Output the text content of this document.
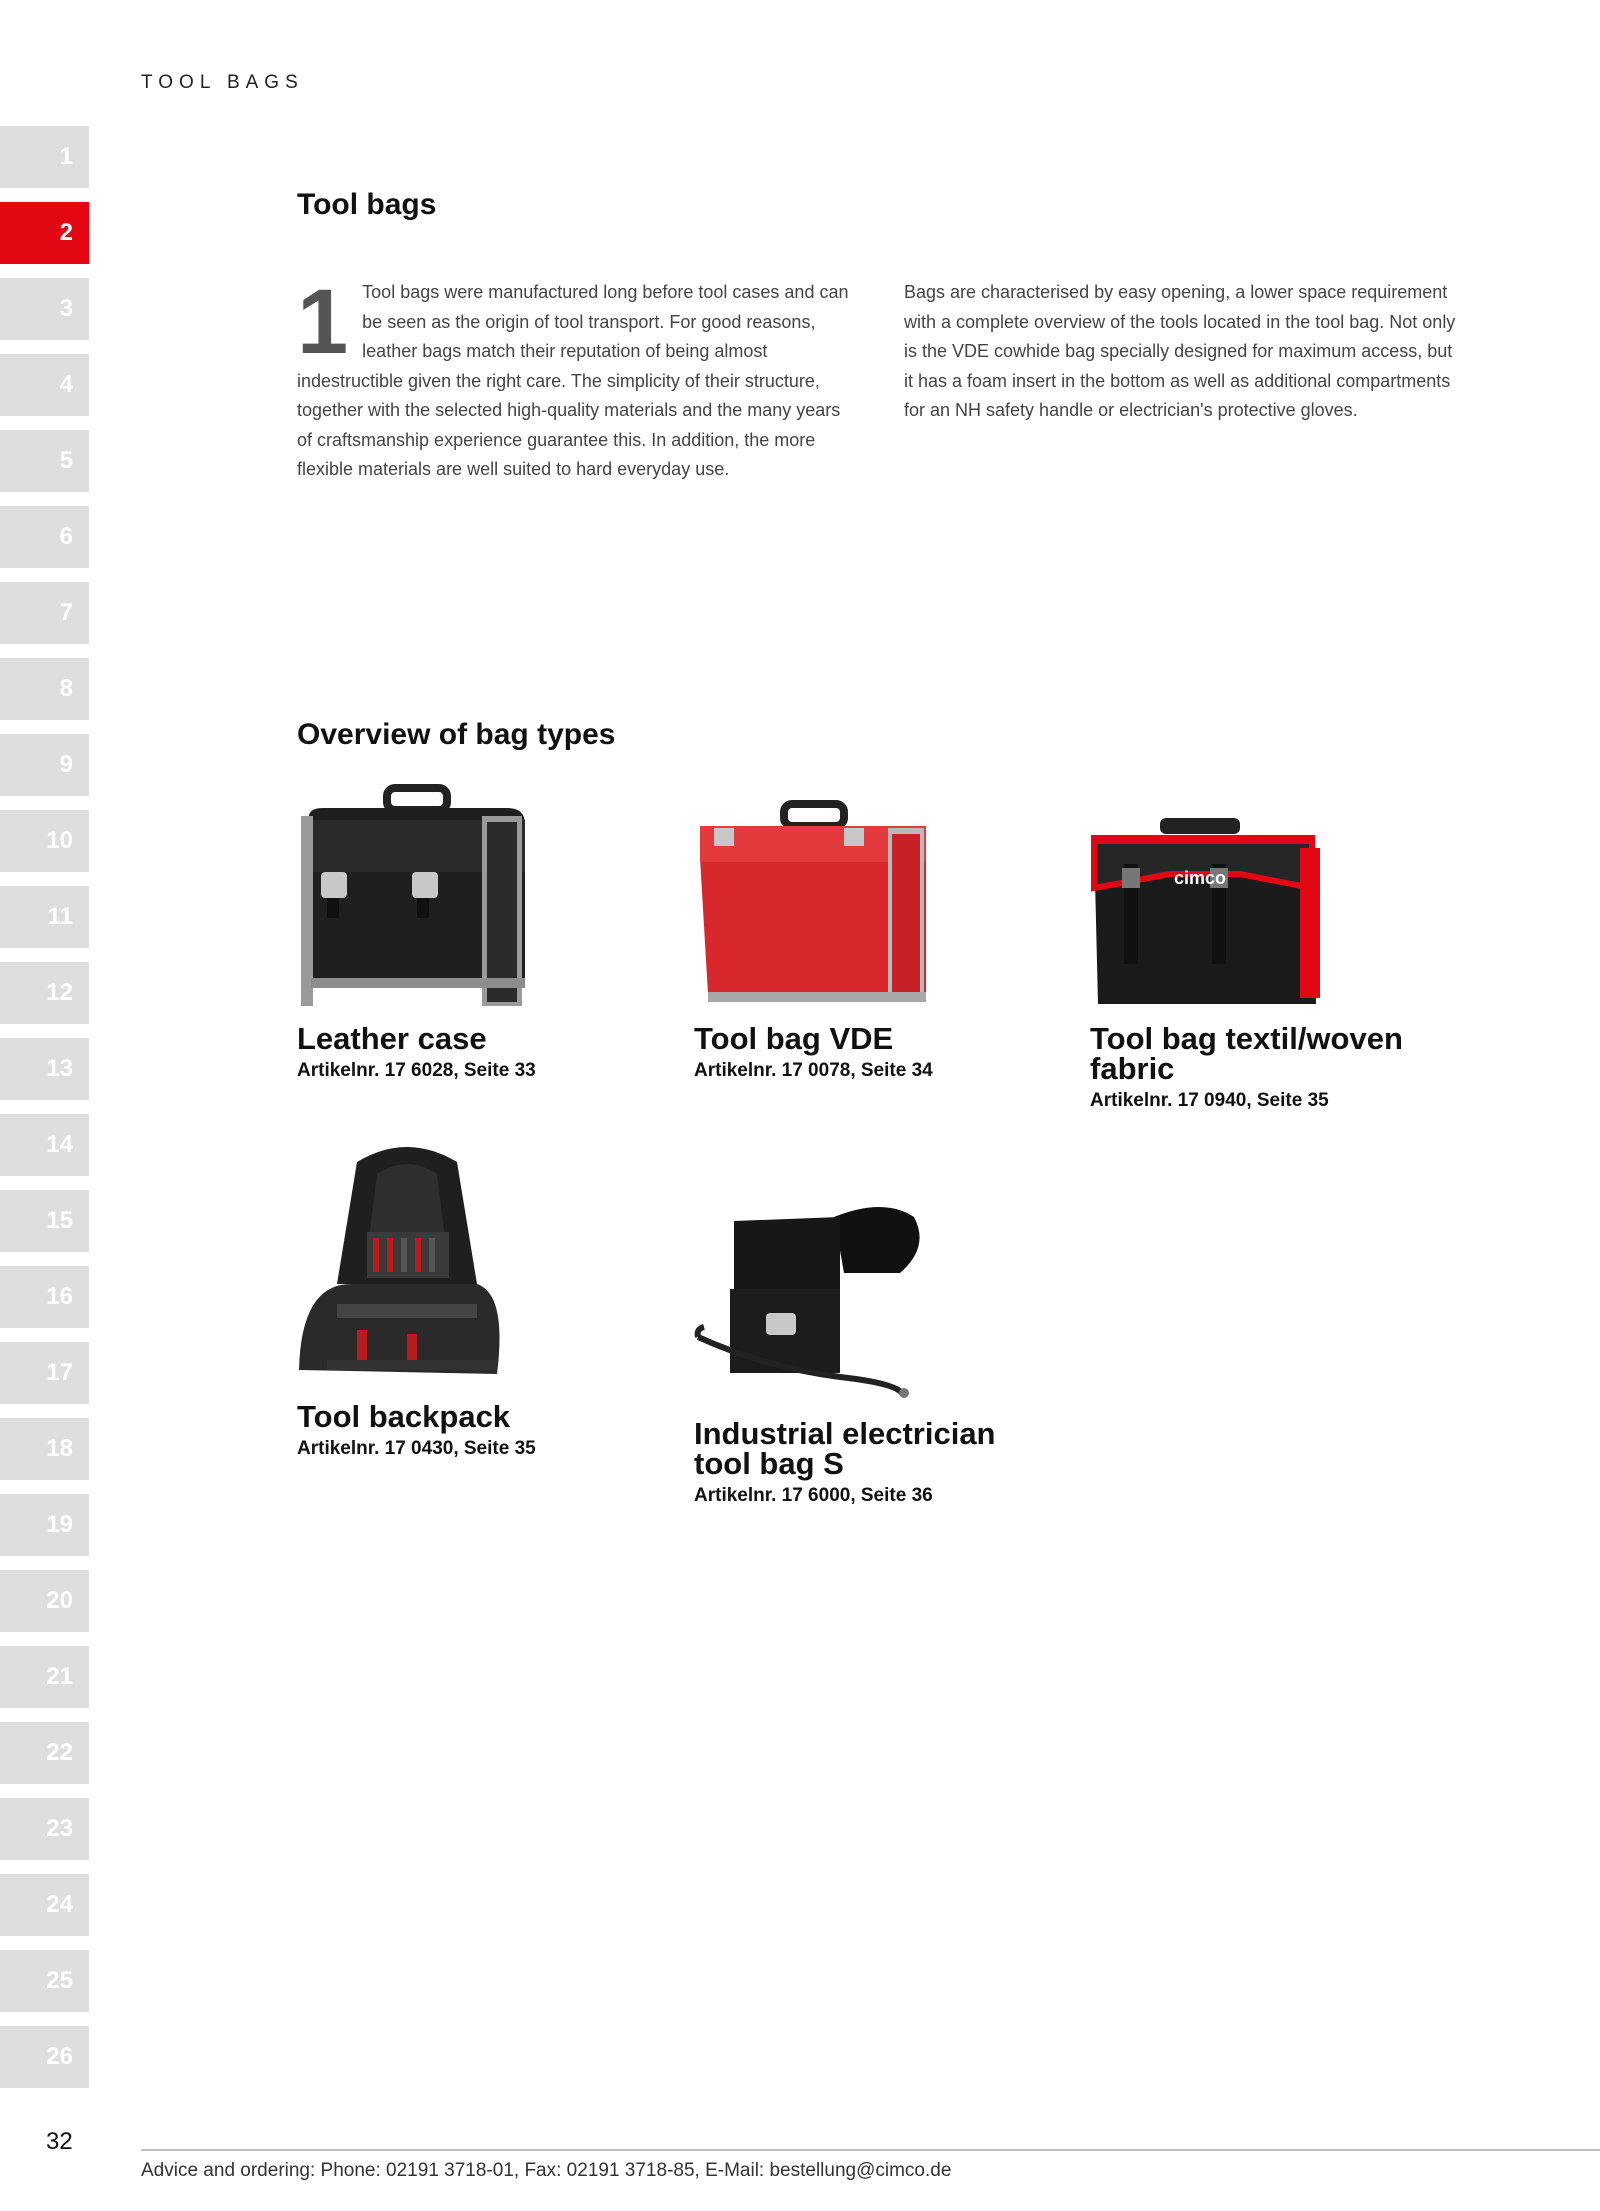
TOOL BAGS
1
2
3
4
5
6
7
8
9
10
11
12
13
14
15
16
17
18
19
20
21
22
23
24
25
26
Tool bags
1 Tool bags were manufactured long before tool cases and can be seen as the origin of tool transport. For good reasons, leather bags match their reputation of being almost indestructible given the right care. The simplicity of their structure, together with the selected high-quality materials and the many years of craftsmanship experience guarantee this. In addition, the more flexible materials are well suited to hard everyday use.
Bags are characterised by easy opening, a lower space requirement with a complete overview of the tools located in the tool bag. Not only is the VDE cowhide bag specially designed for maximum access, but it has a foam insert in the bottom as well as additional compartments for an NH safety handle or electrician's protective gloves.
Overview of bag types
Leather case
Artikelnr. 17 6028, Seite 33
Tool bag VDE
Artikelnr. 17 0078, Seite 34
cimco
Tool bag textil/woven fabric
Artikelnr. 17 0940, Seite 35
Tool backpack
Artikelnr. 17 0430, Seite 35	Industrial electrician tool bag S
Artikelnr. 17 6000, Seite 36
32
Advice and ordering: Phone: 02191 3718-01, Fax: 02191 3718-85, E-Mail: bestellung@cimco.de
